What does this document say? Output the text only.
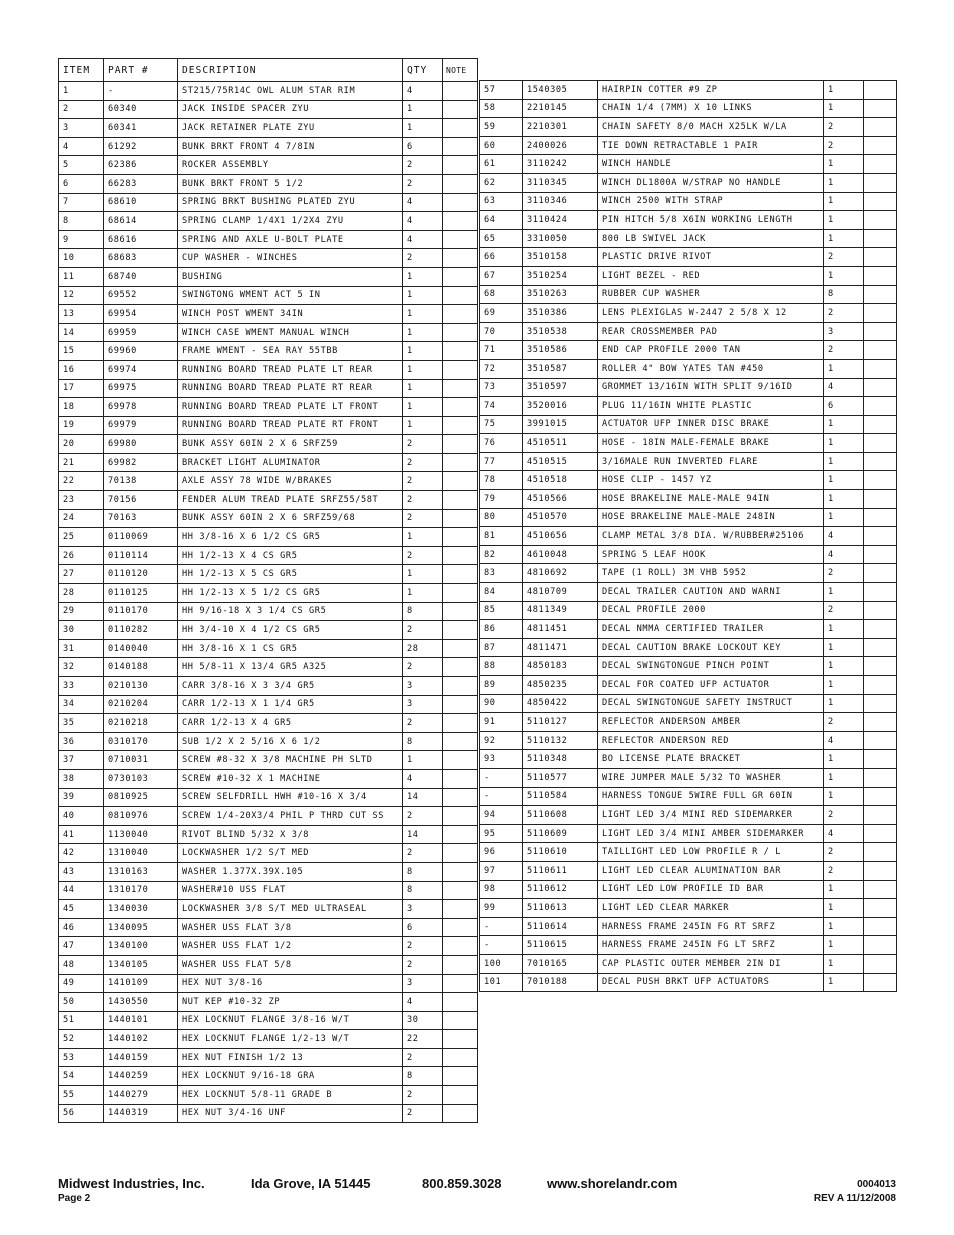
ITEM	PART #	DESCRIPTION	QTY	NOTE
1	-	ST215/75R14C OWL ALUM STAR RIM	4	
2	60340	JACK INSIDE SPACER ZYU	1	
3	60341	JACK RETAINER PLATE ZYU	1	
4	61292	BUNK BRKT FRONT 4 7/8IN	6	
5	62386	ROCKER ASSEMBLY	2	
6	66283	BUNK BRKT FRONT 5 1/2	2	
7	68610	SPRING BRKT BUSHING PLATED ZYU	4	
8	68614	SPRING CLAMP 1/4X1 1/2X4 ZYU	4	
9	68616	SPRING AND AXLE U-BOLT PLATE	4	
10	68683	CUP WASHER - WINCHES	2	
11	68740	BUSHING	1	
12	69552	SWINGTONG WMENT ACT 5 IN	1	
13	69954	WINCH POST WMENT 34IN	1	
14	69959	WINCH CASE WMENT MANUAL WINCH	1	
15	69960	FRAME WMENT - SEA RAY 55TBB	1	
16	69974	RUNNING BOARD TREAD PLATE LT REAR	1	
17	69975	RUNNING BOARD TREAD PLATE RT REAR	1	
18	69978	RUNNING BOARD TREAD PLATE LT FRONT	1	
19	69979	RUNNING BOARD TREAD PLATE RT FRONT	1	
20	69980	BUNK ASSY 60IN 2 X 6 SRFZ59	2	
21	69982	BRACKET LIGHT ALUMINATOR	2	
22	70138	AXLE ASSY 78 WIDE W/BRAKES	2	
23	70156	FENDER ALUM TREAD PLATE SRFZ55/58T	2	
24	70163	BUNK ASSY 60IN 2 X 6 SRFZ59/68	2	
25	0110069	HH 3/8-16 X 6 1/2 CS GR5	1	
26	0110114	HH 1/2-13 X 4 CS GR5	2	
27	0110120	HH 1/2-13 X 5 CS GR5	1	
28	0110125	HH 1/2-13 X 5 1/2 CS GR5	1	
29	0110170	HH 9/16-18 X 3 1/4 CS GR5	8	
30	0110282	HH 3/4-10 X 4 1/2 CS GR5	2	
31	0140040	HH 3/8-16 X 1 CS GR5	28	
32	0140188	HH 5/8-11 X 13/4 GR5 A325	2	
33	0210130	CARR 3/8-16 X 3 3/4 GR5	3	
34	0210204	CARR 1/2-13 X 1 1/4 GR5	3	
35	0210218	CARR 1/2-13 X 4 GR5	2	
36	0310170	SUB 1/2 X 2 5/16 X 6 1/2	8	
37	0710031	SCREW #8-32 X 3/8 MACHINE PH SLTD	1	
38	0730103	SCREW #10-32 X 1 MACHINE	4	
39	0810925	SCREW SELFDRILL HWH #10-16 X 3/4	14	
40	0810976	SCREW 1/4-20X3/4 PHIL P THRD CUT SS	2	
41	1130040	RIVOT BLIND 5/32 X 3/8	14	
42	1310040	LOCKWASHER 1/2 S/T MED	2	
43	1310163	WASHER 1.377X.39X.105	8	
44	1310170	WASHER#10 USS FLAT	8	
45	1340030	LOCKWASHER 3/8 S/T MED ULTRASEAL	3	
46	1340095	WASHER USS FLAT 3/8	6	
47	1340100	WASHER USS FLAT 1/2	2	
48	1340105	WASHER USS FLAT 5/8	2	
49	1410109	HEX NUT 3/8-16	3	
50	1430550	NUT KEP #10-32 ZP	4	
51	1440101	HEX LOCKNUT FLANGE 3/8-16 W/T	30	
52	1440102	HEX LOCKNUT FLANGE 1/2-13 W/T	22	
53	1440159	HEX NUT FINISH 1/2 13	2	
54	1440259	HEX LOCKNUT 9/16-18 GRA	8	
55	1440279	HEX LOCKNUT 5/8-11 GRADE B	2	
56	1440319	HEX NUT 3/4-16 UNF	2	
57	1540305	HAIRPIN COTTER #9 ZP	1	
58	2210145	CHAIN 1/4 (7MM) X 10 LINKS	1	
59	2210301	CHAIN SAFETY 8/0 MACH X25LK W/LA	2	
60	2400026	TIE DOWN RETRACTABLE 1 PAIR	2	
61	3110242	WINCH HANDLE	1	
62	3110345	WINCH DL1800A W/STRAP NO HANDLE	1	
63	3110346	WINCH 2500 WITH STRAP	1	
64	3110424	PIN HITCH 5/8 X6IN WORKING LENGTH	1	
65	3310050	800 LB SWIVEL JACK	1	
66	3510158	PLASTIC DRIVE RIVOT	2	
67	3510254	LIGHT BEZEL - RED	1	
68	3510263	RUBBER CUP WASHER	8	
69	3510386	LENS PLEXIGLAS W-2447 2 5/8 X 12	2	
70	3510538	REAR CROSSMEMBER PAD	3	
71	3510586	END CAP PROFILE 2000 TAN	2	
72	3510587	ROLLER 4" BOW YATES TAN #450	1	
73	3510597	GROMMET 13/16IN WITH SPLIT 9/16ID	4	
74	3520016	PLUG 11/16IN WHITE PLASTIC	6	
75	3991015	ACTUATOR UFP INNER DISC BRAKE	1	
76	4510511	HOSE - 18IN MALE-FEMALE BRAKE	1	
77	4510515	3/16MALE RUN INVERTED FLARE	1	
78	4510518	HOSE CLIP - 1457 YZ	1	
79	4510566	HOSE BRAKELINE MALE-MALE 94IN	1	
80	4510570	HOSE BRAKELINE MALE-MALE 248IN	1	
81	4510656	CLAMP METAL 3/8 DIA. W/RUBBER#25106	4	
82	4610048	SPRING 5 LEAF HOOK	4	
83	4810692	TAPE (1 ROLL) 3M VHB 5952	2	
84	4810709	DECAL TRAILER CAUTION AND WARNI	1	
85	4811349	DECAL PROFILE 2000	2	
86	4811451	DECAL NMMA CERTIFIED TRAILER	1	
87	4811471	DECAL CAUTION BRAKE LOCKOUT KEY	1	
88	4850183	DECAL SWINGTONGUE PINCH POINT	1	
89	4850235	DECAL FOR COATED UFP ACTUATOR	1	
90	4850422	DECAL SWINGTONGUE SAFETY INSTRUCT	1	
91	5110127	REFLECTOR ANDERSON AMBER	2	
92	5110132	REFLECTOR ANDERSON RED	4	
93	5110348	BO LICENSE PLATE BRACKET	1	
-	5110577	WIRE JUMPER MALE 5/32 TO WASHER	1	
-	5110584	HARNESS TONGUE 5WIRE FULL GR 60IN	1	
94	5110608	LIGHT LED 3/4 MINI RED SIDEMARKER	2	
95	5110609	LIGHT LED 3/4 MINI AMBER SIDEMARKER	4	
96	5110610	TAILLIGHT LED LOW PROFILE R / L	2	
97	5110611	LIGHT LED CLEAR ALUMINATION BAR	2	
98	5110612	LIGHT LED LOW PROFILE ID BAR	1	
99	5110613	LIGHT LED CLEAR MARKER	1	
-	5110614	HARNESS FRAME 245IN FG RT SRFZ	1	
-	5110615	HARNESS FRAME 245IN FG LT SRFZ	1	
100	7010165	CAP PLASTIC OUTER MEMBER 2IN DI	1	
101	7010188	DECAL PUSH BRKT UFP ACTUATORS	1	
Midwest Industries, Inc.	Ida Grove, IA 51445	800.859.3028	www.shorelandr.com
Page 2
0004013
REV A 11/12/2008
